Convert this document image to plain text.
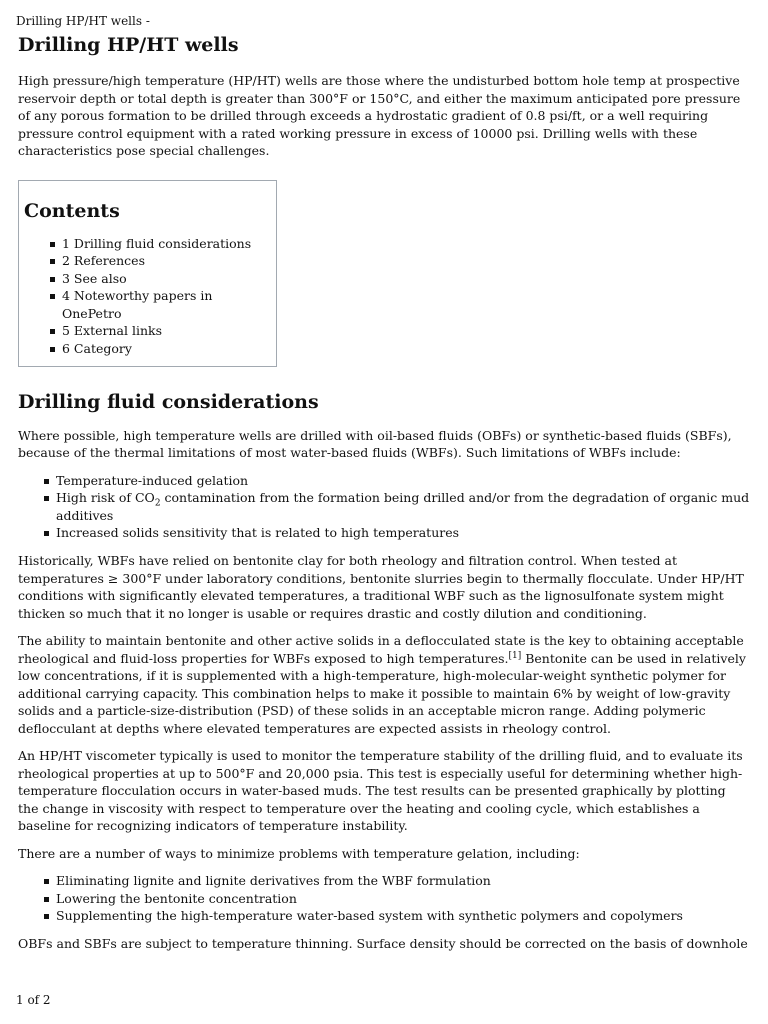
Drilling HP/HT wells -
Drilling HP/HT wells

High pressure/high temperature (HP/HT) wells are those where the undisturbed bottom hole temp at prospective reservoir depth or total depth is greater than 300°F or 150°C, and either the maximum anticipated pore pressure of any porous formation to be drilled through exceeds a hydrostatic gradient of 0.8 psi/ft, or a well requiring pressure control equipment with a rated working pressure in excess of 10000 psi. Drilling wells with these characteristics pose special challenges.

Contents
1 Drilling fluid considerations
2 References
3 See also
4 Noteworthy papers in OnePetro
5 External links
6 Category
Drilling fluid considerations

Where possible, high temperature wells are drilled with oil-based fluids (OBFs) or synthetic-based fluids (SBFs), because of the thermal limitations of most water-based fluids (WBFs). Such limitations of WBFs include:

Temperature-induced gelation
High risk of $CO_2$ contamination from the formation being drilled and/or from the degradation of organic mud additives
Increased solids sensitivity that is related to high temperatures

Historically, WBFs have relied on bentonite clay for both rheology and filtration control. When tested at temperatures ≥ 300°F under laboratory conditions, bentonite slurries begin to thermally flocculate. Under HP/HT conditions with significantly elevated temperatures, a traditional WBF such as the lignosulfonate system might thicken so much that it no longer is usable or requires drastic and costly dilution and conditioning.

The ability to maintain bentonite and other active solids in a deflocculated state is the key to obtaining acceptable rheological and fluid-loss properties for WBFs exposed to high temperatures.[1] Bentonite can be used in relatively low concentrations, if it is supplemented with a high-temperature, high-molecular-weight synthetic polymer for additional carrying capacity. This combination helps to make it possible to maintain 6% by weight of low-gravity solids and a particle-size-distribution (PSD) of these solids in an acceptable micron range. Adding polymeric deflocculant at depths where elevated temperatures are expected assists in rheology control.

An HP/HT viscometer typically is used to monitor the temperature stability of the drilling fluid, and to evaluate its rheological properties at up to 500°F and 20,000 psia. This test is especially useful for determining whether high-temperature flocculation occurs in water-based muds. The test results can be presented graphically by plotting the change in viscosity with respect to temperature over the heating and cooling cycle, which establishes a baseline for recognizing indicators of temperature instability.

There are a number of ways to minimize problems with temperature gelation, including:

Eliminating lignite and lignite derivatives from the WBF formulation
Lowering the bentonite concentration
Supplementing the high-temperature water-based system with synthetic polymers and copolymers

OBFs and SBFs are subject to temperature thinning. Surface density should be corrected on the basis of downhole

1 of 2
